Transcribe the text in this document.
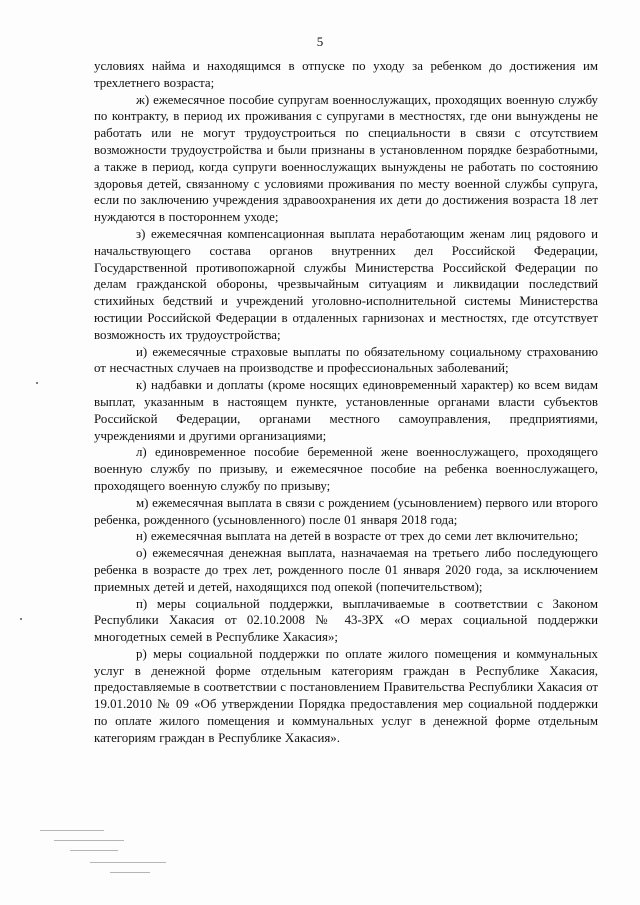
5

условиях найма и находящимся в отпуске по уходу за ребенком до достижения им трехлетнего возраста;

ж) ежемесячное пособие супругам военнослужащих, проходящих военную службу по контракту, в период их проживания с супругами в местностях, где они вынуждены не работать или не могут трудоустроиться по специальности в связи с отсутствием возможности трудоустройства и были признаны в установленном порядке безработными, а также в период, когда супруги военнослужащих вынуждены не работать по состоянию здоровья детей, связанному с условиями проживания по месту военной службы супруга, если по заключению учреждения здравоохранения их дети до достижения возраста 18 лет нуждаются в постороннем уходе;

з) ежемесячная компенсационная выплата неработающим женам лиц рядового и начальствующего состава органов внутренних дел Российской Федерации, Государственной противопожарной службы Министерства Российской Федерации по делам гражданской обороны, чрезвычайным ситуациям и ликвидации последствий стихийных бедствий и учреждений уголовно-исполнительной системы Министерства юстиции Российской Федерации в отдаленных гарнизонах и местностях, где отсутствует возможность их трудоустройства;

и) ежемесячные страховые выплаты по обязательному социальному страхованию от несчастных случаев на производстве и профессиональных заболеваний;

к) надбавки и доплаты (кроме носящих единовременный характер) ко всем видам выплат, указанным в настоящем пункте, установленные органами власти субъектов Российской Федерации, органами местного самоуправления, предприятиями, учреждениями и другими организациями;

л) единовременное пособие беременной жене военнослужащего, проходящего военную службу по призыву, и ежемесячное пособие на ребенка военнослужащего, проходящего военную службу по призыву;

м) ежемесячная выплата в связи с рождением (усыновлением) первого или второго ребенка, рожденного (усыновленного) после 01 января 2018 года;

н) ежемесячная выплата на детей в возрасте от трех до семи лет включительно;

о) ежемесячная денежная выплата, назначаемая на третьего либо последующего ребенка в возрасте до трех лет, рожденного после 01 января 2020 года, за исключением приемных детей и детей, находящихся под опекой (попечительством);

п) меры социальной поддержки, выплачиваемые в соответствии с Законом Республики Хакасия от 02.10.2008 № 43-ЗРХ «О мерах социальной поддержки многодетных семей в Республике Хакасия»;

р) меры социальной поддержки по оплате жилого помещения и коммунальных услуг в денежной форме отдельным категориям граждан в Республике Хакасия, предоставляемые в соответствии с постановлением Правительства Республики Хакасия от 19.01.2010 № 09 «Об утверждении Порядка предоставления мер социальной поддержки по оплате жилого помещения и коммунальных услуг в денежной форме отдельным категориям граждан в Республике Хакасия».
